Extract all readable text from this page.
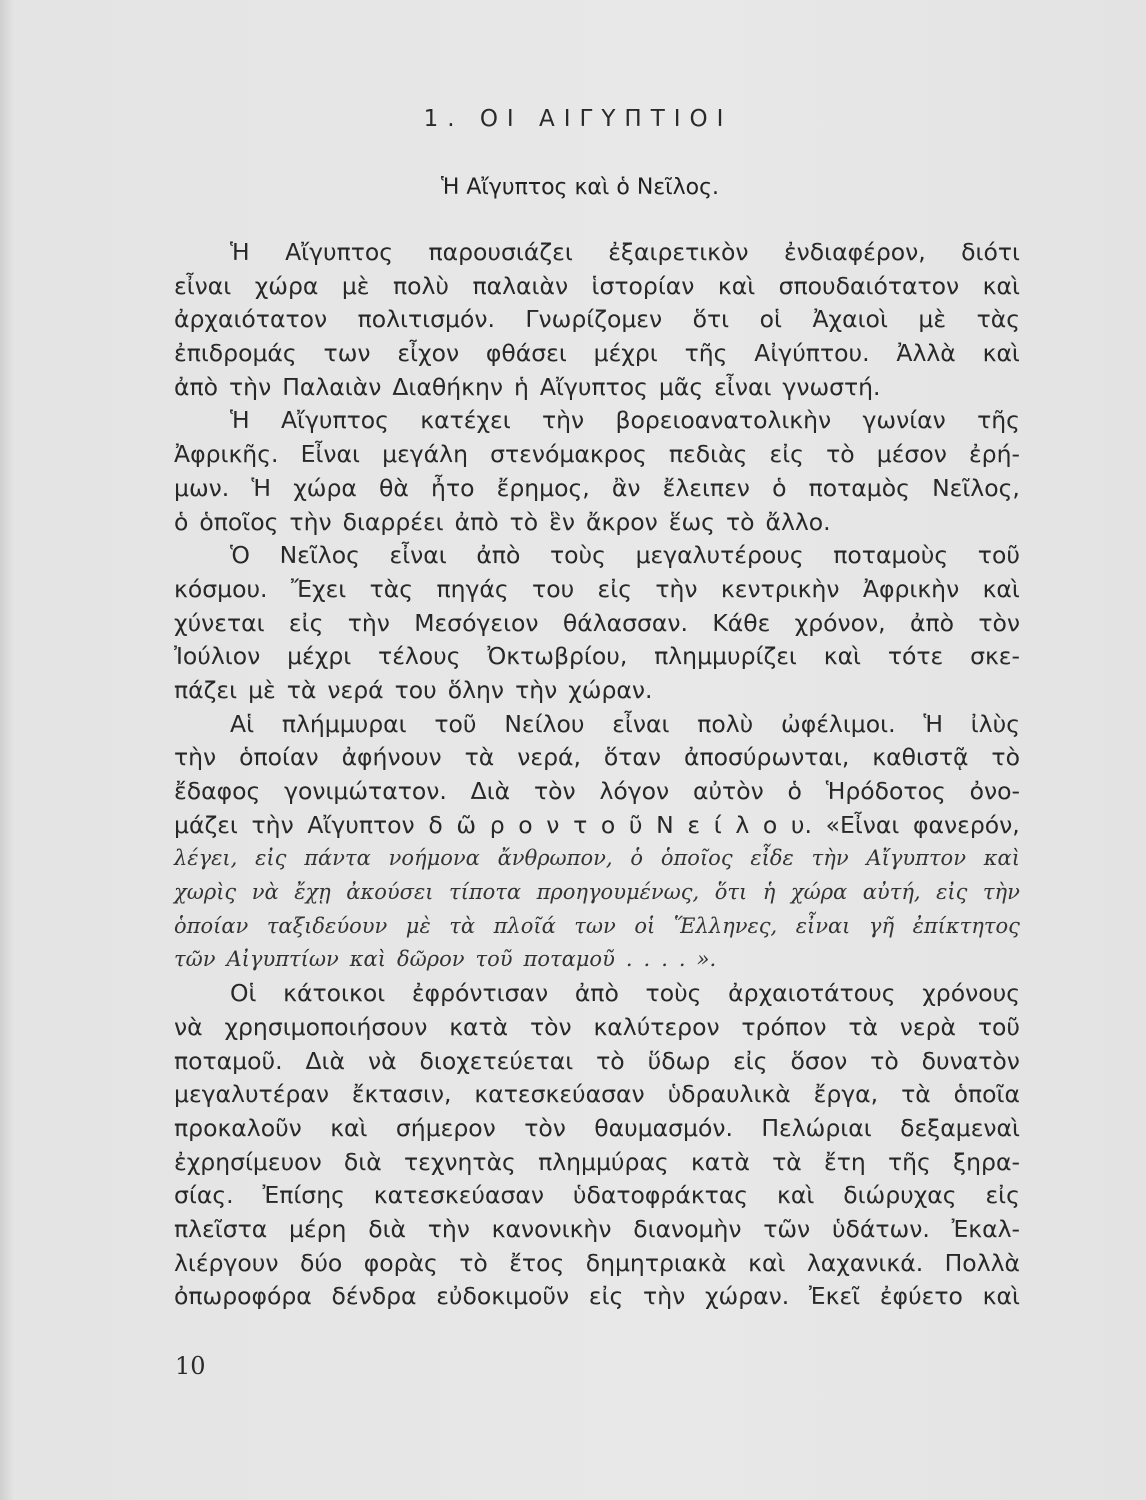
1. ΟΙ ΑΙΓΥΠΤΙΟΙ
Ἡ Αἴγυπτος καὶ ὁ Νεῖλος.
Ἡ Αἴγυπτος παρουσιάζει ἐξαιρετικὸν ἐνδιαφέρον, διότι
εἶναι χώρα μὲ πολὺ παλαιὰν ἱστορίαν καὶ σπουδαιότατον καὶ
ἀρχαιότατον πολιτισμόν. Γνωρίζομεν ὅτι οἱ Ἀχαιοὶ μὲ τὰς
ἐπιδρομάς των εἶχον φθάσει μέχρι τῆς Αἰγύπτου. Ἀλλὰ καὶ
ἀπὸ τὴν Παλαιὰν Διαθήκην ἡ Αἴγυπτος μᾶς εἶναι γνωστή.
Ἡ Αἴγυπτος κατέχει τὴν βορειοανατολικὴν γωνίαν τῆς
Ἀφρικῆς. Εἶναι μεγάλη στενόμακρος πεδιὰς εἰς τὸ μέσον ἐρή-
μων. Ἡ χώρα θὰ ἦτο ἔρημος, ἂν ἔλειπεν ὁ ποταμὸς Νεῖλος,
ὁ ὁποῖος τὴν διαρρέει ἀπὸ τὸ ἓν ἄκρον ἕως τὸ ἄλλο.
Ὁ Νεῖλος εἶναι ἀπὸ τοὺς μεγαλυτέρους ποταμοὺς τοῦ
κόσμου. Ἔχει τὰς πηγάς του εἰς τὴν κεντρικὴν Ἀφρικὴν καὶ
χύνεται εἰς τὴν Μεσόγειον θάλασσαν. Κάθε χρόνον, ἀπὸ τὸν
Ἰούλιον μέχρι τέλους Ὀκτωβρίου, πλημμυρίζει καὶ τότε σκε-
πάζει μὲ τὰ νερά του ὅλην τὴν χώραν.
Αἱ πλήμμυραι τοῦ Νείλου εἶναι πολὺ ὠφέλιμοι. Ἡ ἰλὺς
τὴν ὁποίαν ἀφήνουν τὰ νερά, ὅταν ἀποσύρωνται, καθιστᾷ τὸ
ἔδαφος γονιμώτατον. Διὰ τὸν λόγον αὐτὸν ὁ Ἡρόδοτος ὀνο-
μάζει τὴν Αἴγυπτον δ ῶ ρ ο ν τ ο ῦ Ν ε ί λ ο υ. «Εἶναι φανερόν,
λέγει, εἰς πάντα νοήμονα ἄνθρωπον, ὁ ὁποῖος εἶδε τὴν Αἴγυπτον καὶ
χωρὶς νὰ ἔχῃ ἀκούσει τίποτα προηγουμένως, ὅτι ἡ χώρα αὐτή, εἰς τὴν
ὁποίαν ταξιδεύουν μὲ τὰ πλοῖά των οἱ Ἕλληνες, εἶναι γῆ ἐπίκτητος
τῶν Αἰγυπτίων καὶ δῶρον τοῦ ποταμοῦ . . . . ».
Οἱ κάτοικοι ἐφρόντισαν ἀπὸ τοὺς ἀρχαιοτάτους χρόνους
νὰ χρησιμοποιήσουν κατὰ τὸν καλύτερον τρόπον τὰ νερὰ τοῦ
ποταμοῦ. Διὰ νὰ διοχετεύεται τὸ ὕδωρ εἰς ὅσον τὸ δυνατὸν
μεγαλυτέραν ἔκτασιν, κατεσκεύασαν ὑδραυλικὰ ἔργα, τὰ ὁποῖα
προκαλοῦν καὶ σήμερον τὸν θαυμασμόν. Πελώριαι δεξαμεναὶ
ἐχρησίμευον διὰ τεχνητὰς πλημμύρας κατὰ τὰ ἔτη τῆς ξηρα-
σίας. Ἐπίσης κατεσκεύασαν ὑδατοφράκτας καὶ διώρυχας εἰς
πλεῖστα μέρη διὰ τὴν κανονικὴν διανομὴν τῶν ὑδάτων. Ἐκαλ-
λιέργουν δύο φορὰς τὸ ἔτος δημητριακὰ καὶ λαχανικά. Πολλὰ
ὀπωροφόρα δένδρα εὐδοκιμοῦν εἰς τὴν χώραν. Ἐκεῖ ἐφύετο καὶ
10
